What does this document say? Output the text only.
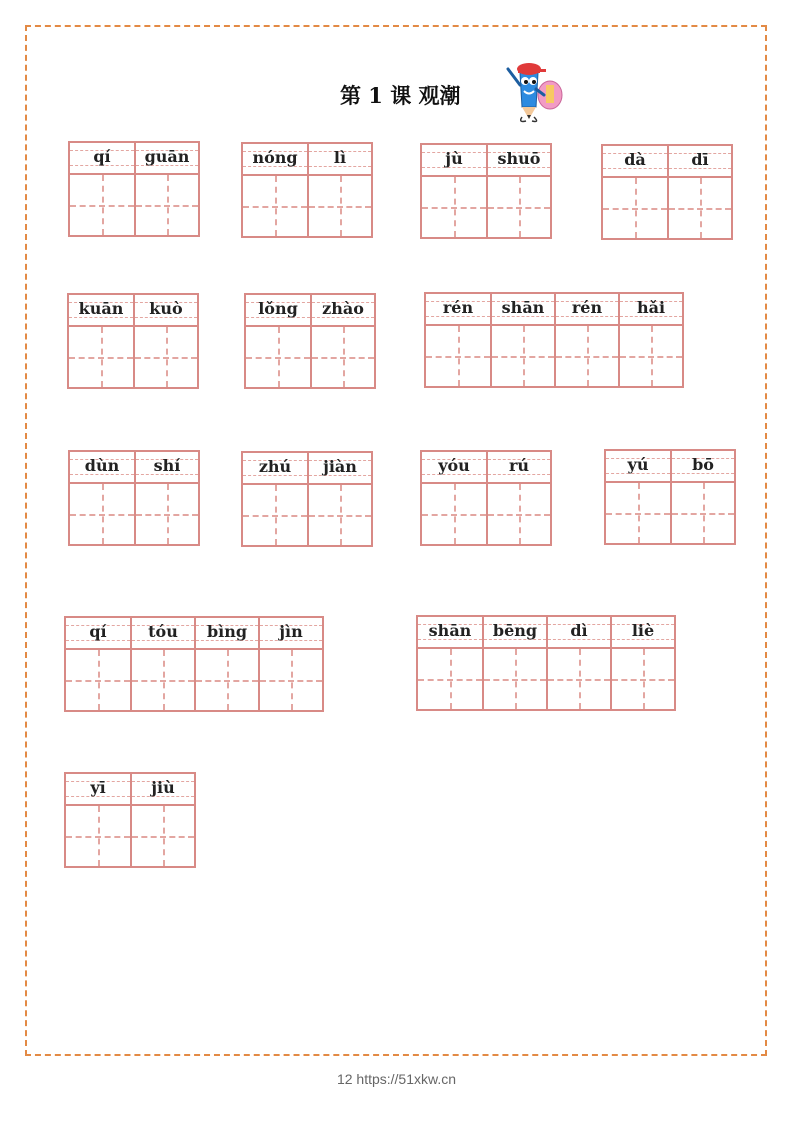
第 1 课 观潮
qí	guān	nóng	lì	jù	shuō	dà	dī
kuān	kuò	lǒng	zhào	rén	shān	rén	hǎi
dùn	shí	zhú	jiàn	yóu	rú	yú	bō
qí	tóu	bìng	jìn	shān	bēng	dì	liè
yī	jiù
12 https://51xkw.cn
